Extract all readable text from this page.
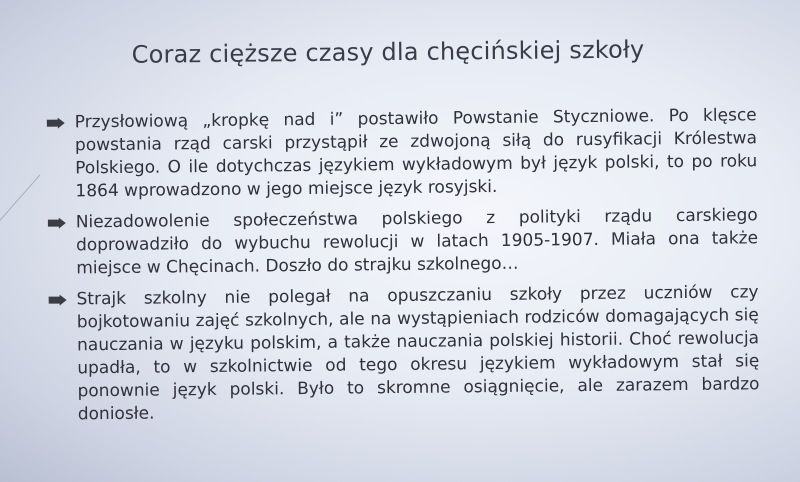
Coraz cięższe czasy dla chęcińskiej szkoły
Przysłowiową „kropkę nad i” postawiło Powstanie Styczniowe. Po klęsce powstania rząd carski przystąpił ze zdwojoną siłą do rusyfikacji Królestwa Polskiego. O ile dotychczas językiem wykładowym był język polski, to po roku 1864 wprowadzono w jego miejsce język rosyjski.
Niezadowolenie społeczeństwa polskiego z polityki rządu carskiego doprowadziło do wybuchu rewolucji w latach 1905-1907. Miała ona także miejsce w Chęcinach. Doszło do strajku szkolnego…
Strajk szkolny nie polegał na opuszczaniu szkoły przez uczniów czy bojkotowaniu zajęć szkolnych, ale na wystąpieniach rodziców domagających się nauczania w języku polskim, a także nauczania polskiej historii. Choć rewolucja upadła, to w szkolnictwie od tego okresu językiem wykładowym stał się ponownie język polski. Było to skromne osiągnięcie, ale zarazem bardzo doniosłe.
